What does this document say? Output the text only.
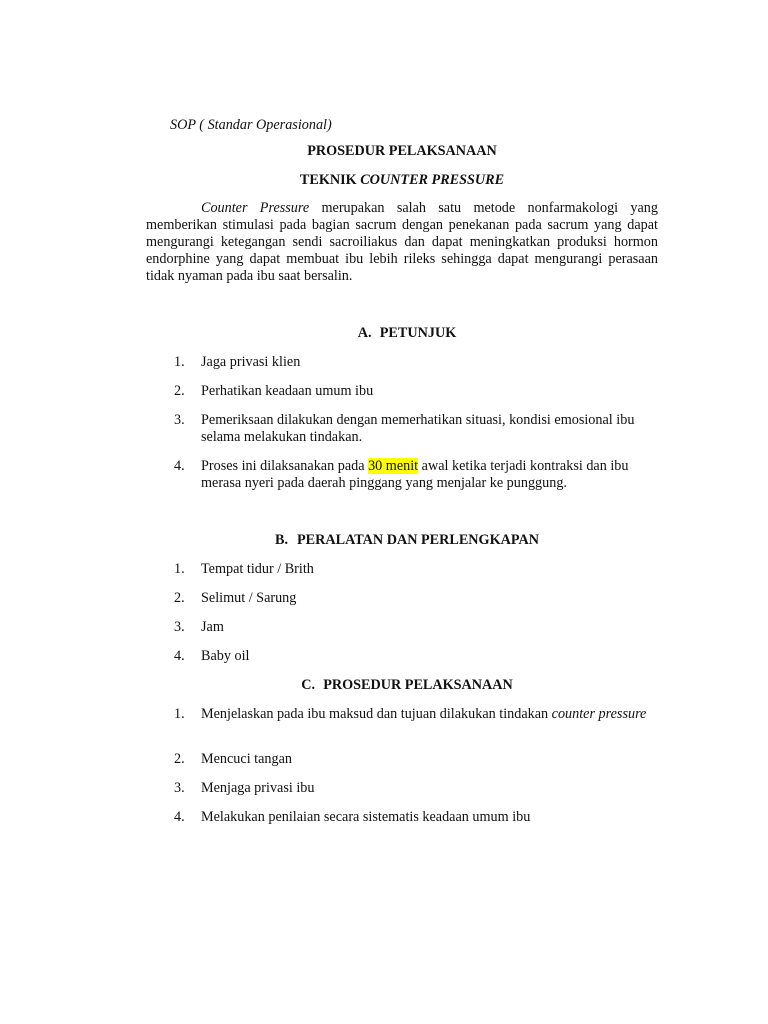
SOP ( Standar Operasional)
PROSEDUR PELAKSANAAN
TEKNIK COUNTER PRESSURE

Counter Pressure merupakan salah satu metode nonfarmakologi yang memberikan stimulasi pada bagian sacrum dengan penekanan pada sacrum yang dapat mengurangi ketegangan sendi sacroiliakus dan dapat meningkatkan produksi hormon endorphine yang dapat membuat ibu lebih rileks sehingga dapat mengurangi perasaan tidak nyaman pada ibu saat bersalin.

A. PETUNJUK
1. Jaga privasi klien
2. Perhatikan keadaan umum ibu
3. Pemeriksaan dilakukan dengan memerhatikan situasi, kondisi emosional ibu selama melakukan tindakan.
4. Proses ini dilaksanakan pada 30 menit awal ketika terjadi kontraksi dan ibu merasa nyeri pada daerah pinggang yang menjalar ke punggung.
B. PERALATAN DAN PERLENGKAPAN
1. Tempat tidur / Brith
2. Selimut / Sarung
3. Jam
4. Baby oil
C. PROSEDUR PELAKSANAAN
1. Menjelaskan pada ibu maksud dan tujuan dilakukan tindakan counter pressure
2. Mencuci tangan
3. Menjaga privasi ibu
4. Melakukan penilaian secara sistematis keadaan umum ibu
